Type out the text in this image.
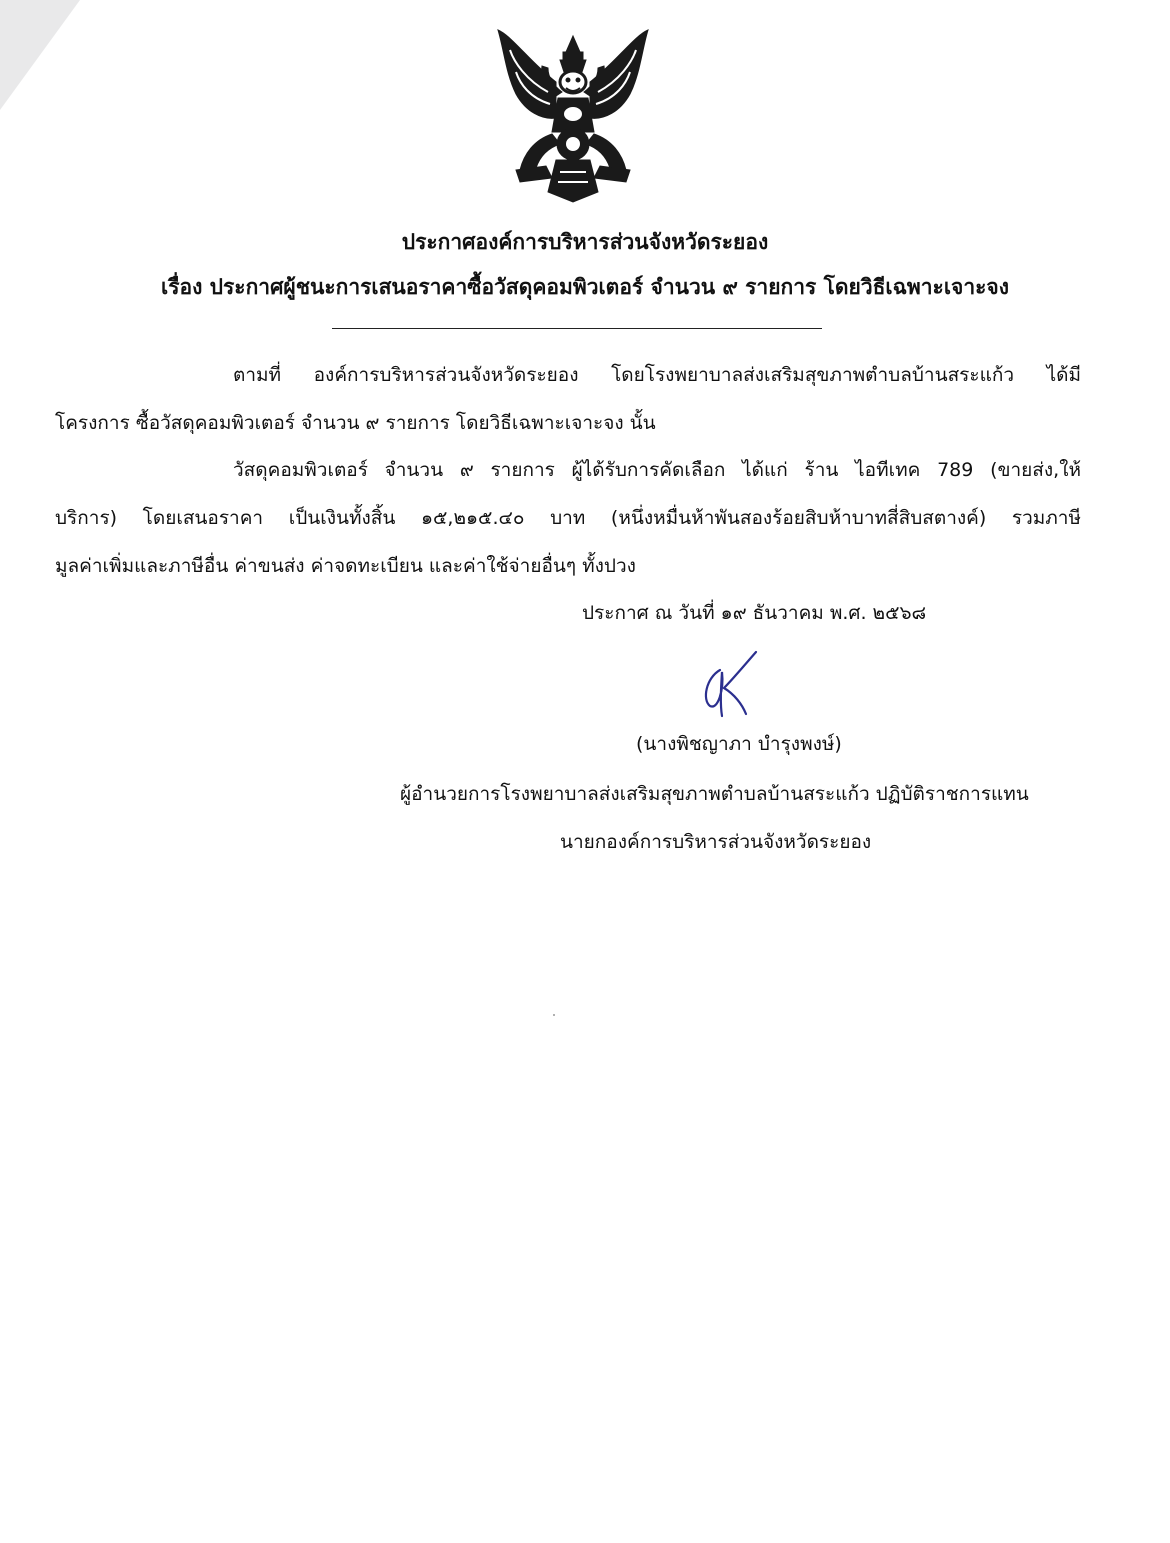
ประกาศองค์การบริหารส่วนจังหวัดระยอง
เรื่อง ประกาศผู้ชนะการเสนอราคาซื้อวัสดุคอมพิวเตอร์ จำนวน ๙ รายการ โดยวิธีเฉพาะเจาะจง
ตามที่ องค์การบริหารส่วนจังหวัดระยอง โดยโรงพยาบาลส่งเสริมสุขภาพตำบลบ้านสระแก้ว ได้มี
โครงการ ซื้อวัสดุคอมพิวเตอร์ จำนวน ๙ รายการ โดยวิธีเฉพาะเจาะจง นั้น
วัสดุคอมพิวเตอร์ จำนวน ๙ รายการ ผู้ได้รับการคัดเลือก ได้แก่ ร้าน ไอทีเทค 789 (ขายส่ง,ให้
บริการ) โดยเสนอราคา เป็นเงินทั้งสิ้น ๑๕,๒๑๕.๔๐ บาท (หนึ่งหมื่นห้าพันสองร้อยสิบห้าบาทสี่สิบสตางค์) รวมภาษี
มูลค่าเพิ่มและภาษีอื่น ค่าขนส่ง ค่าจดทะเบียน และค่าใช้จ่ายอื่นๆ ทั้งปวง
ประกาศ ณ วันที่ ๑๙ ธันวาคม พ.ศ. ๒๕๖๘
(นางพิชญาภา บำรุงพงษ์)
ผู้อำนวยการโรงพยาบาลส่งเสริมสุขภาพตำบลบ้านสระแก้ว ปฏิบัติราชการแทน
นายกองค์การบริหารส่วนจังหวัดระยอง
